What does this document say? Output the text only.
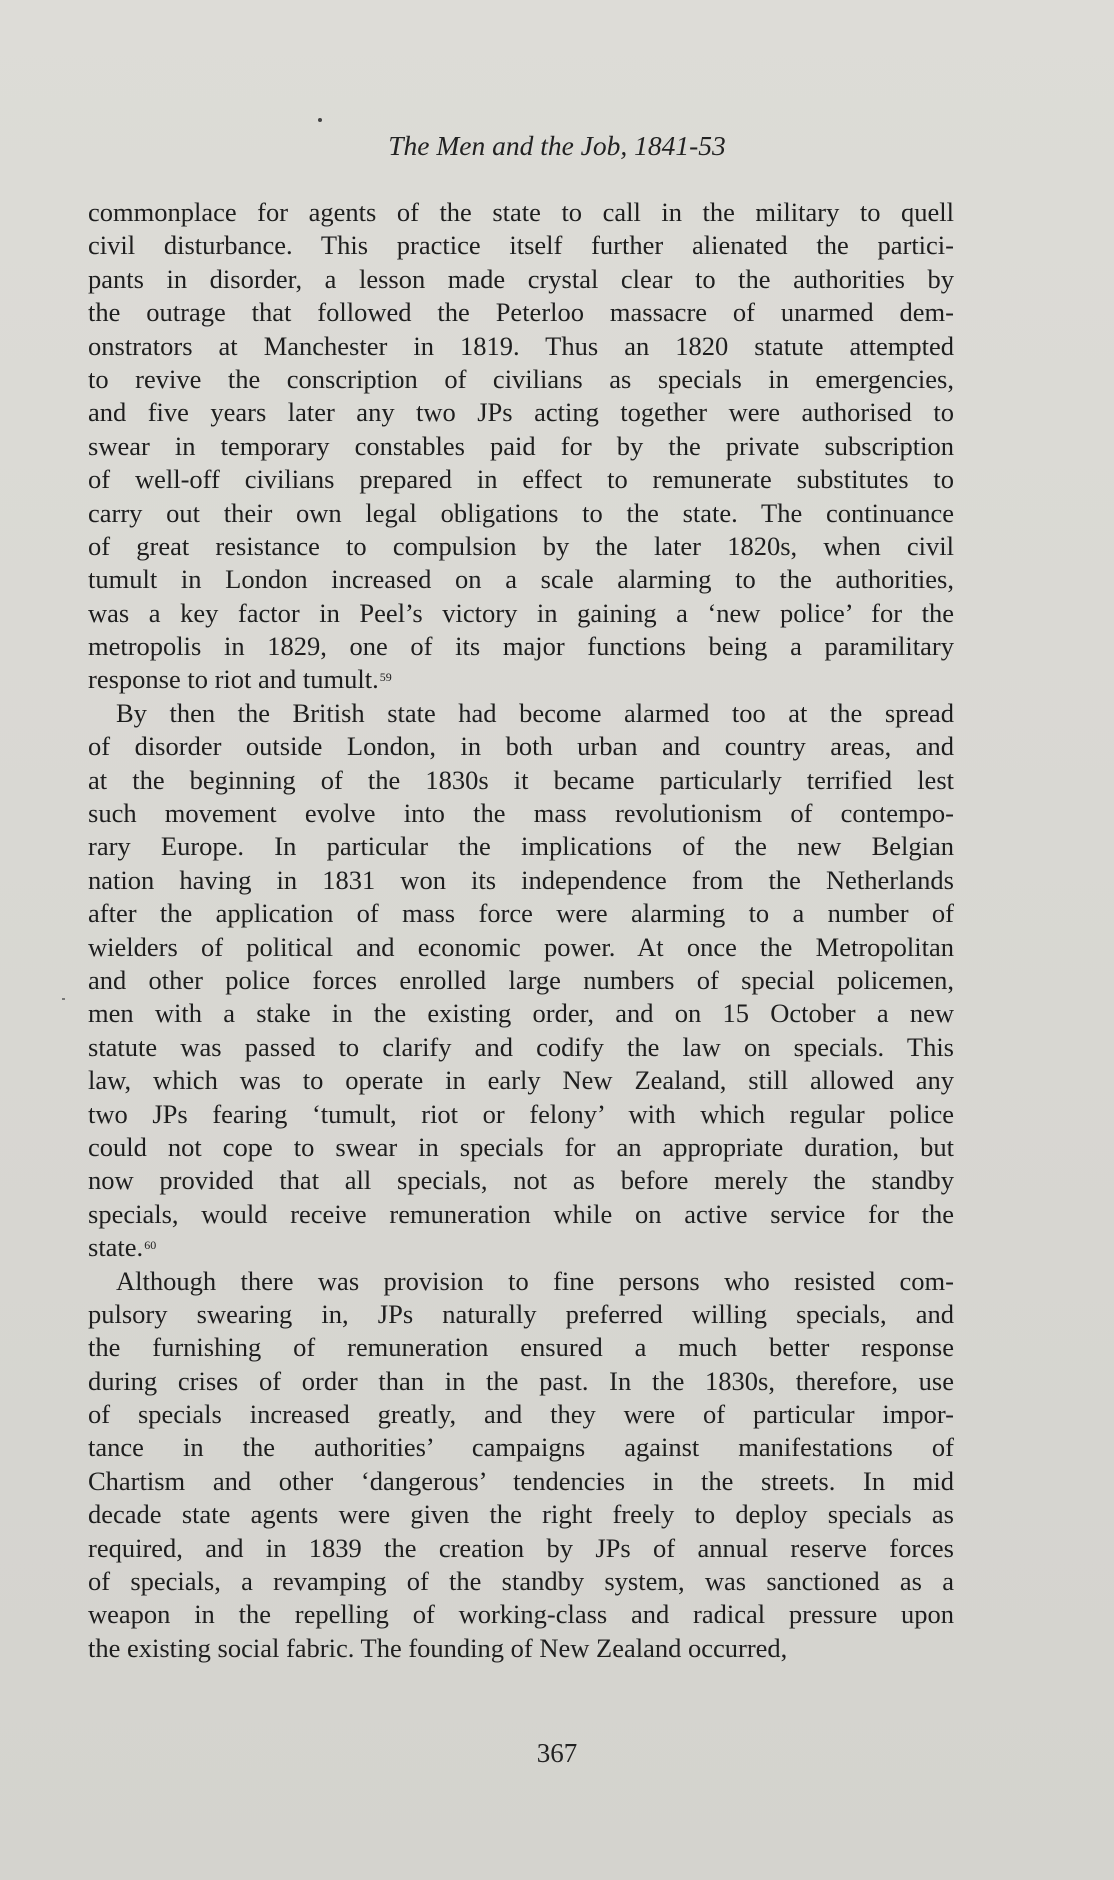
The Men and the Job, 1841-53
commonplace for agents of the state to call in the military to quell
civil disturbance. This practice itself further alienated the partici-
pants in disorder, a lesson made crystal clear to the authorities by
the outrage that followed the Peterloo massacre of unarmed dem-
onstrators at Manchester in 1819. Thus an 1820 statute attempted
to revive the conscription of civilians as specials in emergencies,
and five years later any two JPs acting together were authorised to
swear in temporary constables paid for by the private subscription
of well-off civilians prepared in effect to remunerate substitutes to
carry out their own legal obligations to the state. The continuance
of great resistance to compulsion by the later 1820s, when civil
tumult in London increased on a scale alarming to the authorities,
was a key factor in Peel’s victory in gaining a ‘new police’ for the
metropolis in 1829, one of its major functions being a paramilitary
response to riot and tumult.$^{59}$
By then the British state had become alarmed too at the spread
of disorder outside London, in both urban and country areas, and
at the beginning of the 1830s it became particularly terrified lest
such movement evolve into the mass revolutionism of contempo-
rary Europe. In particular the implications of the new Belgian
nation having in 1831 won its independence from the Netherlands
after the application of mass force were alarming to a number of
wielders of political and economic power. At once the Metropolitan
and other police forces enrolled large numbers of special policemen,
men with a stake in the existing order, and on 15 October a new
statute was passed to clarify and codify the law on specials. This
law, which was to operate in early New Zealand, still allowed any
two JPs fearing ‘tumult, riot or felony’ with which regular police
could not cope to swear in specials for an appropriate duration, but
now provided that all specials, not as before merely the standby
specials, would receive remuneration while on active service for the
state.$^{60}$
Although there was provision to fine persons who resisted com-
pulsory swearing in, JPs naturally preferred willing specials, and
the furnishing of remuneration ensured a much better response
during crises of order than in the past. In the 1830s, therefore, use
of specials increased greatly, and they were of particular impor-
tance in the authorities’ campaigns against manifestations of
Chartism and other ‘dangerous’ tendencies in the streets. In mid
decade state agents were given the right freely to deploy specials as
required, and in 1839 the creation by JPs of annual reserve forces
of specials, a revamping of the standby system, was sanctioned as a
weapon in the repelling of working-class and radical pressure upon
the existing social fabric. The founding of New Zealand occurred,
367
